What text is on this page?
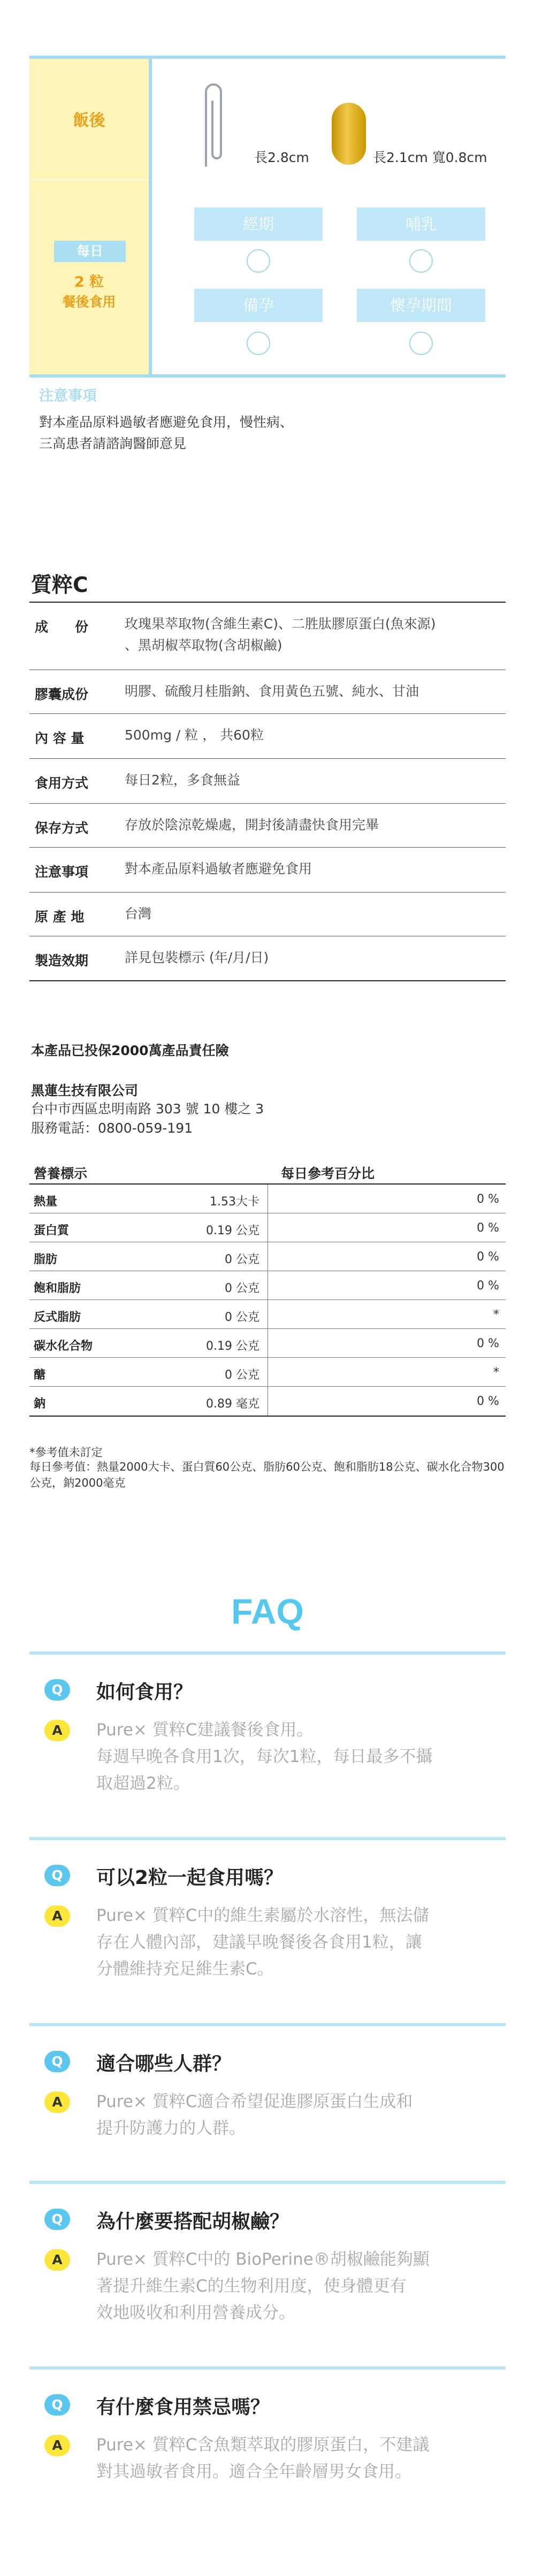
飯後
每日
2 粒
餐後食用
長2.8cm	長2.1cm 寬0.8cm
經期	哺乳
備孕	懷孕期間
注意事項
對本產品原料過敏者應避免食用，慢性病、
三高患者請諮詢醫師意見
質粹C
成　　份	玫瑰果萃取物(含維生素C)、二胜肽膠原蛋白(魚來源)
、黑胡椒萃取物(含胡椒鹼)
膠囊成份	明膠、硫酸月桂脂鈉、食用黃色五號、純水、甘油
內 容 量	500mg / 粒 ， 共60粒
食用方式	每日2粒，多食無益
保存方式	存放於陰涼乾燥處，開封後請盡快食用完畢
注意事項	對本產品原料過敏者應避免食用
原 產 地	台灣
製造效期	詳見包裝標示 (年/月/日)
本產品已投保2000萬產品責任險
黑蓮生技有限公司
台中市西區忠明南路 303 號 10 樓之 3
服務電話：0800-059-191
營養標示	每日參考百分比
熱量	1.53大卡	0 %
蛋白質	0.19 公克	0 %
脂肪	0 公克	0 %
飽和脂肪	0 公克	0 %
反式脂肪	0 公克	*
碳水化合物	0.19 公克	0 %
醣	0 公克	*
鈉	0.89 毫克	0 %
*參考值未訂定
每日參考值：熱量2000大卡、蛋白質60公克、脂肪60公克、飽和脂肪18公克、碳水化合物300公克，鈉2000毫克
FAQ
Q	如何食用？
A	Pure× 質粹C建議餐後食用。
每週早晚各食用1次，每次1粒，每日最多不攝
取超過2粒。
Q	可以2粒一起食用嗎？
A	Pure× 質粹C中的維生素屬於水溶性，無法儲
存在人體內部，建議早晚餐後各食用1粒，讓
分體維持充足維生素C。
Q	適合哪些人群？
A	Pure× 質粹C適合希望促進膠原蛋白生成和
提升防護力的人群。
Q	為什麼要搭配胡椒鹼？
A	Pure× 質粹C中的 BioPerine®胡椒鹼能夠顯
著提升維生素C的生物利用度，使身體更有
效地吸收和利用營養成分。
Q	有什麼食用禁忌嗎？
A	Pure× 質粹C含魚類萃取的膠原蛋白，不建議
對其過敏者食用。適合全年齡層男女食用。
